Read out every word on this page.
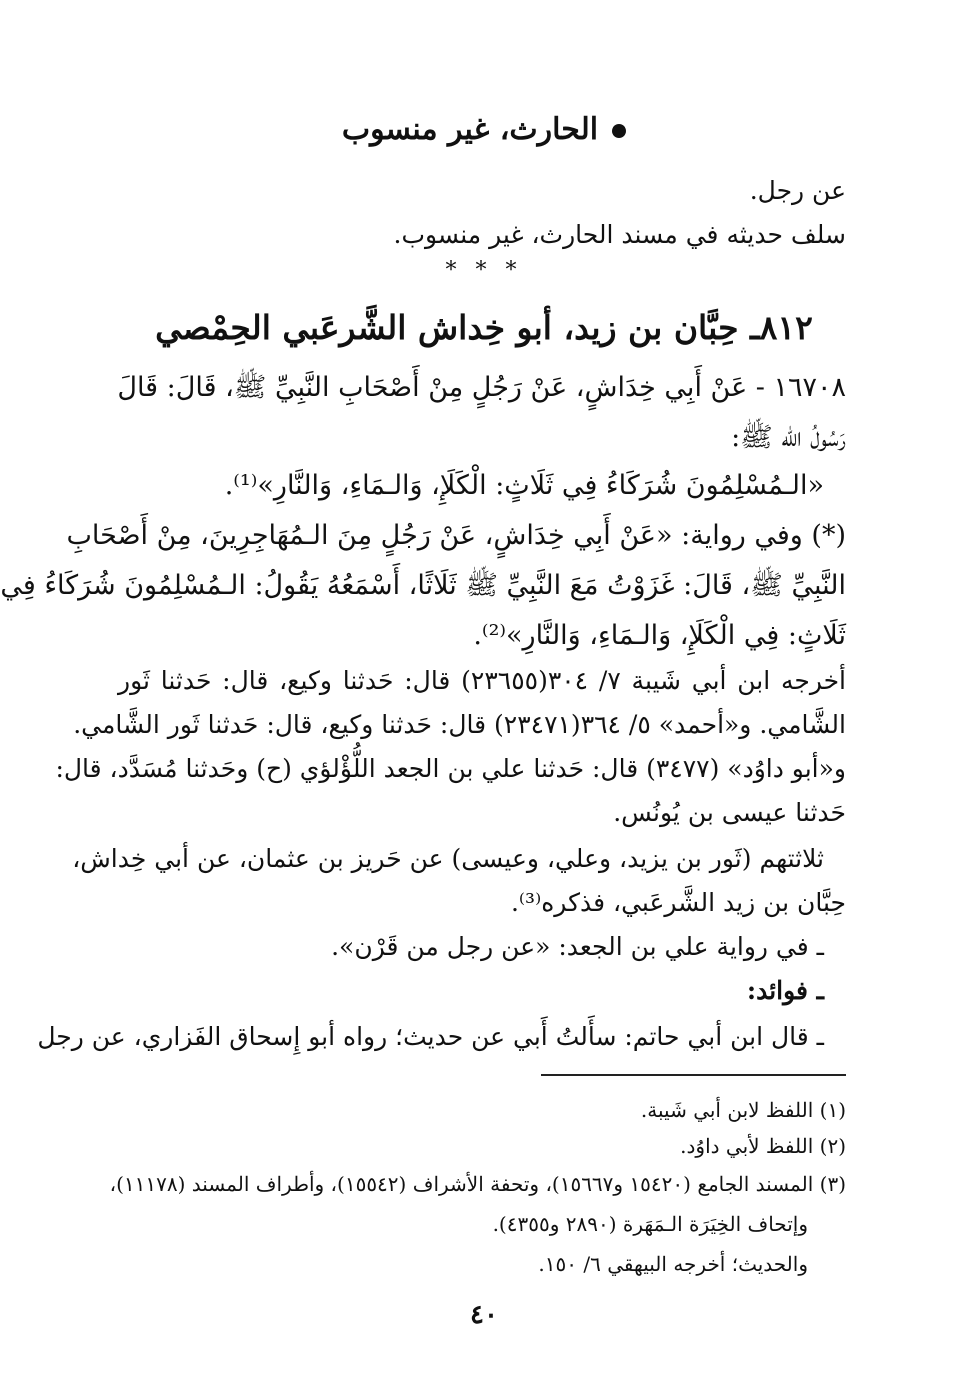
الحارث، غير منسوب
عن رجل.
سلف حديثه في مسند الحارث، غير منسوب.
* * *
٨١٢ـ حِبَّان بن زيد، أبو خِداش الشَّرعَبي الحِمْصي
١٦٧٠٨ - عَنْ أَبِي خِدَاشٍ، عَنْ رَجُلٍ مِنْ أَصْحَابِ النَّبِيِّ ﷺ، قَالَ: قَالَ
رَسُولُ الله ﷺ:
«الـمُسْلِمُونَ شُرَكَاءُ فِي ثَلَاثٍ: الْكَلَإِ، وَالـمَاءِ، وَالنَّارِ»⁽¹⁾.
(*) وفي رواية: «عَنْ أَبِي خِدَاشٍ، عَنْ رَجُلٍ مِنَ الـمُهَاجِرِينَ، مِنْ أَصْحَابِ
النَّبِيِّ ﷺ، قَالَ: غَزَوْتُ مَعَ النَّبِيِّ ﷺ ثَلَاثًا، أَسْمَعُهُ يَقُولُ: الـمُسْلِمُونَ شُرَكَاءُ فِي
ثَلَاثٍ: فِي الْكَلَإِ، وَالـمَاءِ، وَالنَّارِ»⁽²⁾.
أخرجه ابن أبي شَيبة ٧/ ٣٠٤(٢٣٦٥٥) قال: حَدثنا وكيع، قال: حَدثنا ثَور
الشَّامي. و«أحمد» ٥/ ٣٦٤(٢٣٤٧١) قال: حَدثنا وكيع، قال: حَدثنا ثَور الشَّامي.
و«أبو داوُد» (٣٤٧٧) قال: حَدثنا علي بن الجعد اللُّؤْلؤي (ح) وحَدثنا مُسَدَّد، قال:
حَدثنا عيسى بن يُونُس.
ثلاثتهم (ثَور بن يزيد، وعلي، وعيسى) عن حَريز بن عثمان، عن أبي خِداش،
حِبَّان بن زيد الشَّرعَبي، فذكره⁽³⁾.
ـ في رواية علي بن الجعد: «عن رجل من قَرْن».
ـ فوائد:
ـ قال ابن أبي حاتم: سأَلتُ أَبي عن حديث؛ رواه أبو إِسحاق الفَزاري، عن رجل
(١) اللفظ لابن أبي شَيبة.
(٢) اللفظ لأبي داوُد.
(٣) المسند الجامع (١٥٤٢٠ و١٥٦٦٧)، وتحفة الأشراف (١٥٥٤٢)، وأطراف المسند (١١١٧٨)،
وإتحاف الخِيَرَة الـمَهَرة (٢٨٩٠ و٤٣٥٥).
والحديث؛ أخرجه البيهقي ٦/ ١٥٠.
٤٠
